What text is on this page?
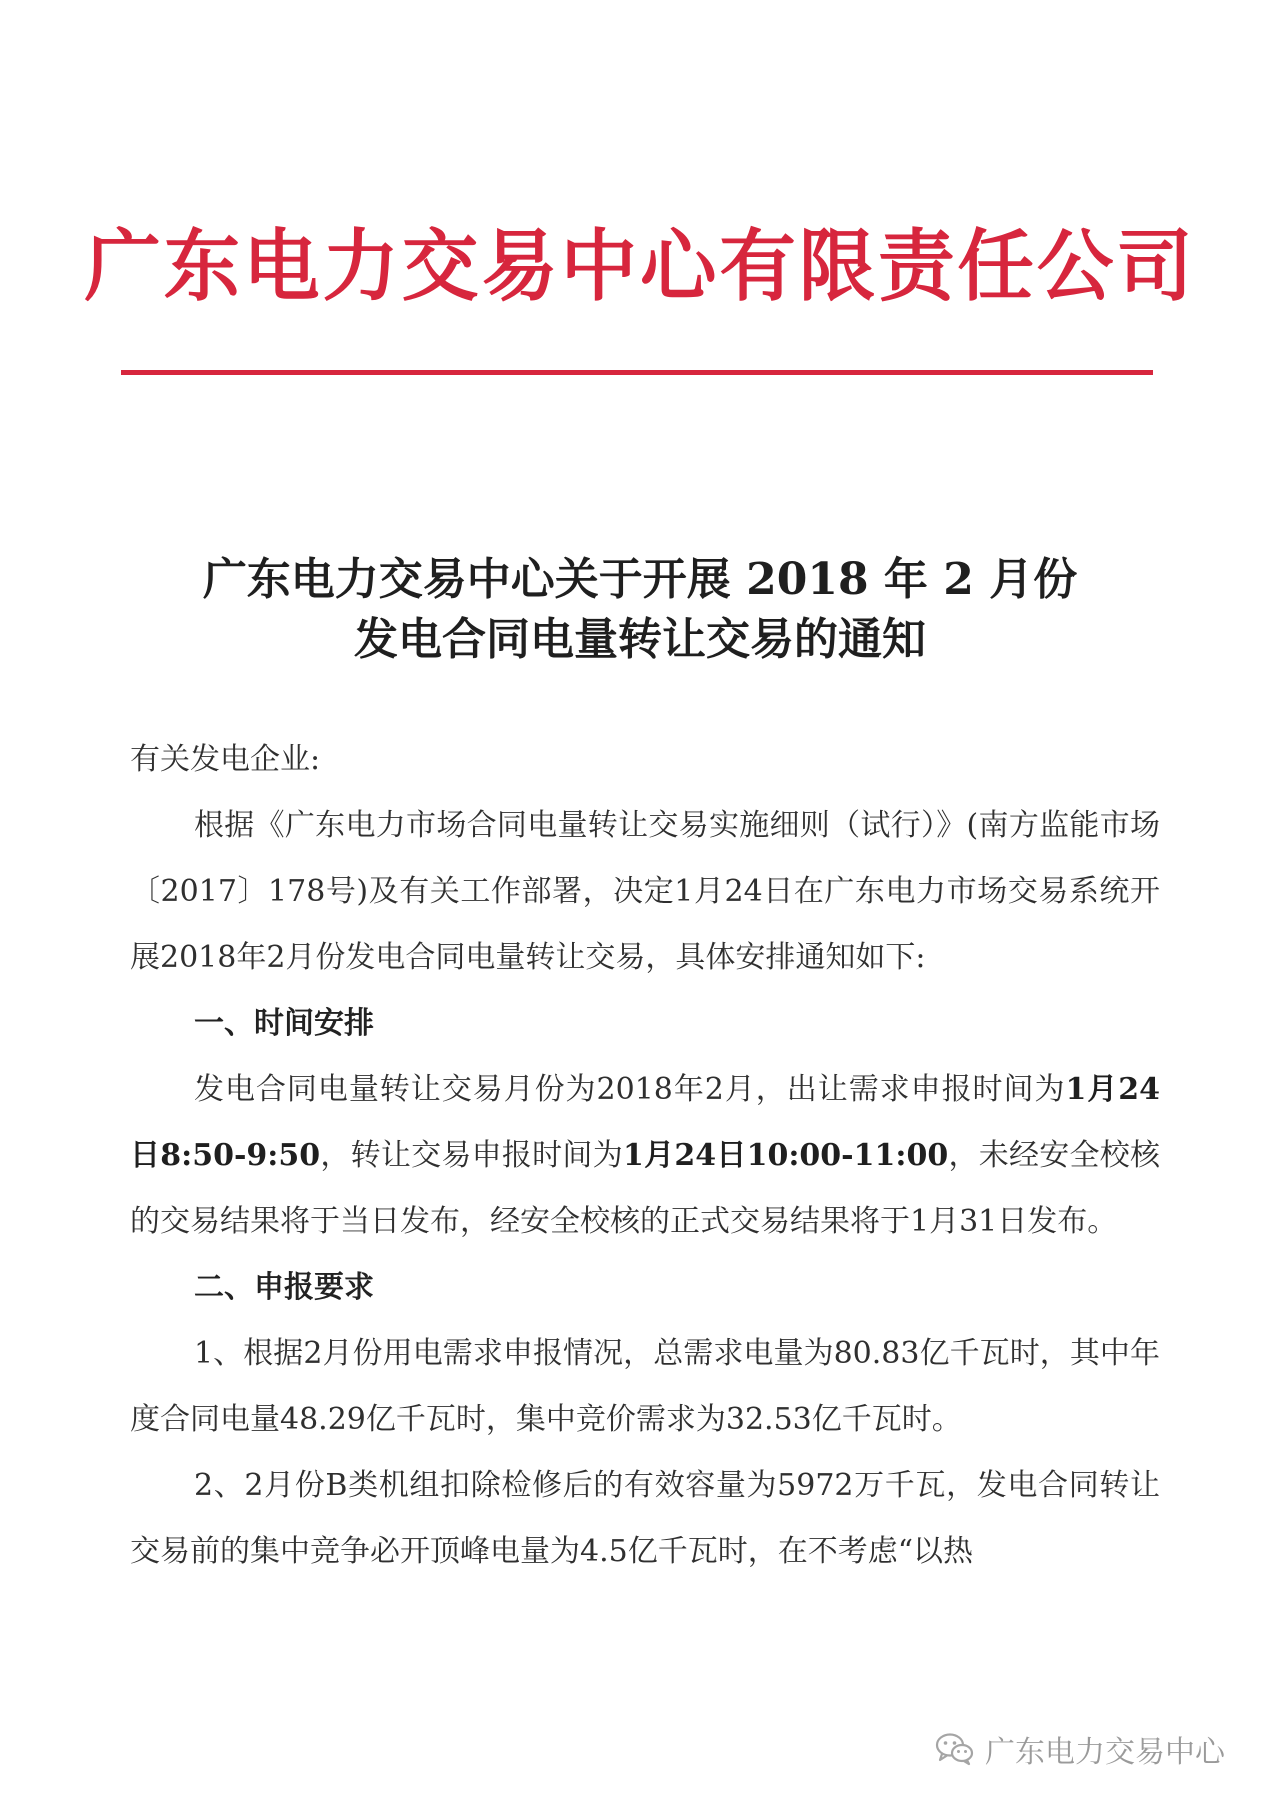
广东电力交易中心有限责任公司
广东电力交易中心关于开展 2018 年 2 月份
发电合同电量转让交易的通知

有关发电企业:

根据《广东电力市场合同电量转让交易实施细则（试行）》(南方监能市场〔2017〕178号)及有关工作部署，决定1月24日在广东电力市场交易系统开展2018年2月份发电合同电量转让交易，具体安排通知如下:

一、时间安排

发电合同电量转让交易月份为2018年2月，出让需求申报时间为1月24日8:50-9:50，转让交易申报时间为1月24日10:00-11:00，未经安全校核的交易结果将于当日发布，经安全校核的正式交易结果将于1月31日发布。

二、申报要求

1、根据2月份用电需求申报情况，总需求电量为80.83亿千瓦时，其中年度合同电量48.29亿千瓦时，集中竞价需求为32.53亿千瓦时。

2、2月份B类机组扣除检修后的有效容量为5972万千瓦，发电合同转让交易前的集中竞争必开顶峰电量为4.5亿千瓦时，在不考虑“以热

广东电力交易中心
